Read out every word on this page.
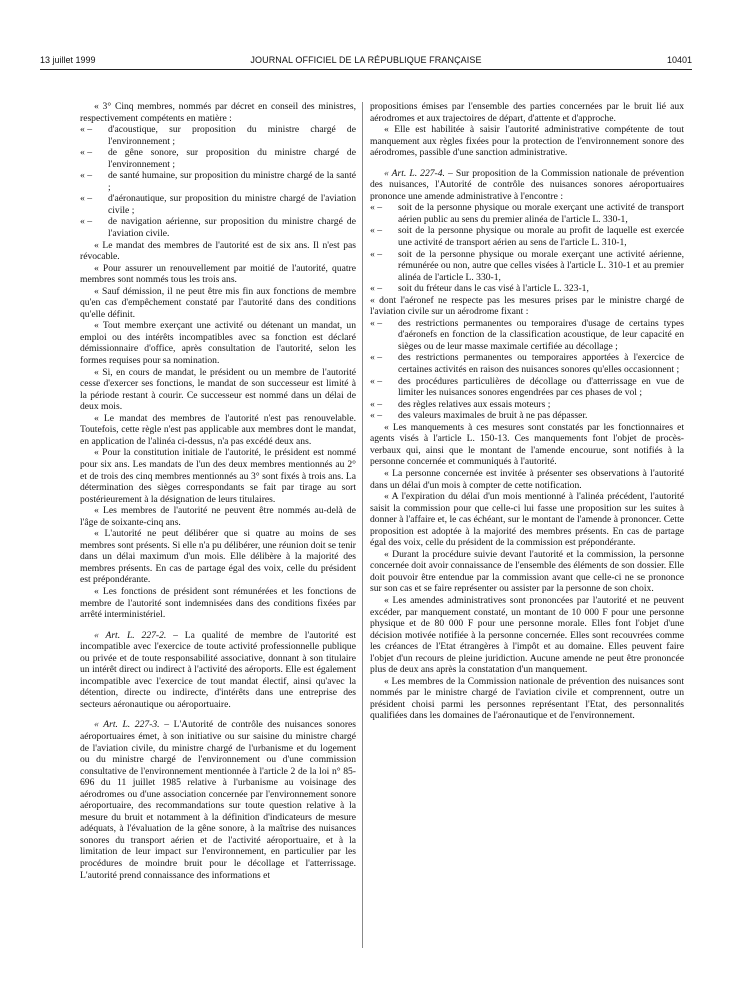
13 juillet 1999	JOURNAL OFFICIEL DE LA RÉPUBLIQUE FRANÇAISE	10401

« 3° Cinq membres, nommés par décret en conseil des ministres, respectivement compétents en matière :

« – d'acoustique, sur proposition du ministre chargé de l'environnement ;

« – de gêne sonore, sur proposition du ministre chargé de l'environnement ;

« – de santé humaine, sur proposition du ministre chargé de la santé ;

« – d'aéronautique, sur proposition du ministre chargé de l'aviation civile ;

« – de navigation aérienne, sur proposition du ministre chargé de l'aviation civile.

« Le mandat des membres de l'autorité est de six ans. Il n'est pas révocable.

« Pour assurer un renouvellement par moitié de l'autorité, quatre membres sont nommés tous les trois ans.

« Sauf démission, il ne peut être mis fin aux fonctions de membre qu'en cas d'empêchement constaté par l'autorité dans des conditions qu'elle définit.

« Tout membre exerçant une activité ou détenant un mandat, un emploi ou des intérêts incompatibles avec sa fonction est déclaré démissionnaire d'office, après consultation de l'autorité, selon les formes requises pour sa nomination.

« Si, en cours de mandat, le président ou un membre de l'autorité cesse d'exercer ses fonctions, le mandat de son successeur est limité à la période restant à courir. Ce successeur est nommé dans un délai de deux mois.

« Le mandat des membres de l'autorité n'est pas renouvelable. Toutefois, cette règle n'est pas applicable aux membres dont le mandat, en application de l'alinéa ci-dessus, n'a pas excédé deux ans.

« Pour la constitution initiale de l'autorité, le président est nommé pour six ans. Les mandats de l'un des deux membres mentionnés au 2° et de trois des cinq membres mentionnés au 3° sont fixés à trois ans. La détermination des sièges correspondants se fait par tirage au sort postérieurement à la désignation de leurs titulaires.

« Les membres de l'autorité ne peuvent être nommés au-delà de l'âge de soixante-cinq ans.

« L'autorité ne peut délibérer que si quatre au moins de ses membres sont présents. Si elle n'a pu délibérer, une réunion doit se tenir dans un délai maximum d'un mois. Elle délibère à la majorité des membres présents. En cas de partage égal des voix, celle du président est prépondérante.

« Les fonctions de président sont rémunérées et les fonctions de membre de l'autorité sont indemnisées dans des conditions fixées par arrêté interministériel.

« Art. L. 227-2. – La qualité de membre de l'autorité est incompatible avec l'exercice de toute activité professionnelle publique ou privée et de toute responsabilité associative, donnant à son titulaire un intérêt direct ou indirect à l'activité des aéroports. Elle est également incompatible avec l'exercice de tout mandat électif, ainsi qu'avec la détention, directe ou indirecte, d'intérêts dans une entreprise des secteurs aéronautique ou aéroportuaire.

« Art. L. 227-3. – L'Autorité de contrôle des nuisances sonores aéroportuaires émet, à son initiative ou sur saisine du ministre chargé de l'aviation civile, du ministre chargé de l'urbanisme et du logement ou du ministre chargé de l'environnement ou d'une commission consultative de l'environnement mentionnée à l'article 2 de la loi n° 85-696 du 11 juillet 1985 relative à l'urbanisme au voisinage des aérodromes ou d'une association concernée par l'environnement sonore aéroportuaire, des recommandations sur toute question relative à la mesure du bruit et notamment à la définition d'indicateurs de mesure adéquats, à l'évaluation de la gêne sonore, à la maîtrise des nuisances sonores du transport aérien et de l'activité aéroportuaire, et à la limitation de leur impact sur l'environnement, en particulier par les procédures de moindre bruit pour le décollage et l'atterrissage. L'autorité prend connaissance des informations et

propositions émises par l'ensemble des parties concernées par le bruit lié aux aérodromes et aux trajectoires de départ, d'attente et d'approche.

« Elle est habilitée à saisir l'autorité administrative compétente de tout manquement aux règles fixées pour la protection de l'environnement sonore des aérodromes, passible d'une sanction administrative.

« Art. L. 227-4. – Sur proposition de la Commission nationale de prévention des nuisances, l'Autorité de contrôle des nuisances sonores aéroportuaires prononce une amende administrative à l'encontre :

« – soit de la personne physique ou morale exerçant une activité de transport aérien public au sens du premier alinéa de l'article L. 330-1,

« – soit de la personne physique ou morale au profit de laquelle est exercée une activité de transport aérien au sens de l'article L. 310-1,

« – soit de la personne physique ou morale exerçant une activité aérienne, rémunérée ou non, autre que celles visées à l'article L. 310-1 et au premier alinéa de l'article L. 330-1,

« – soit du fréteur dans le cas visé à l'article L. 323-1,

« dont l'aéronef ne respecte pas les mesures prises par le ministre chargé de l'aviation civile sur un aérodrome fixant :

« – des restrictions permanentes ou temporaires d'usage de certains types d'aéronefs en fonction de la classification acoustique, de leur capacité en sièges ou de leur masse maximale certifiée au décollage ;

« – des restrictions permanentes ou temporaires apportées à l'exercice de certaines activités en raison des nuisances sonores qu'elles occasionnent ;

« – des procédures particulières de décollage ou d'atterrissage en vue de limiter les nuisances sonores engendrées par ces phases de vol ;

« – des règles relatives aux essais moteurs ;

« – des valeurs maximales de bruit à ne pas dépasser.

« Les manquements à ces mesures sont constatés par les fonctionnaires et agents visés à l'article L. 150-13. Ces manquements font l'objet de procès-verbaux qui, ainsi que le montant de l'amende encourue, sont notifiés à la personne concernée et communiqués à l'autorité.

« La personne concernée est invitée à présenter ses observations à l'autorité dans un délai d'un mois à compter de cette notification.

« A l'expiration du délai d'un mois mentionné à l'alinéa précédent, l'autorité saisit la commission pour que celle-ci lui fasse une proposition sur les suites à donner à l'affaire et, le cas échéant, sur le montant de l'amende à prononcer. Cette proposition est adoptée à la majorité des membres présents. En cas de partage égal des voix, celle du président de la commission est prépondérante.

« Durant la procédure suivie devant l'autorité et la commission, la personne concernée doit avoir connaissance de l'ensemble des éléments de son dossier. Elle doit pouvoir être entendue par la commission avant que celle-ci ne se prononce sur son cas et se faire représenter ou assister par la personne de son choix.

« Les amendes administratives sont prononcées par l'autorité et ne peuvent excéder, par manquement constaté, un montant de 10 000 F pour une personne physique et de 80 000 F pour une personne morale. Elles font l'objet d'une décision motivée notifiée à la personne concernée. Elles sont recouvrées comme les créances de l'Etat étrangères à l'impôt et au domaine. Elles peuvent faire l'objet d'un recours de pleine juridiction. Aucune amende ne peut être prononcée plus de deux ans après la constatation d'un manquement.

« Les membres de la Commission nationale de prévention des nuisances sont nommés par le ministre chargé de l'aviation civile et comprennent, outre un président choisi parmi les personnes représentant l'Etat, des personnalités qualifiées dans les domaines de l'aéronautique et de l'environnement.
